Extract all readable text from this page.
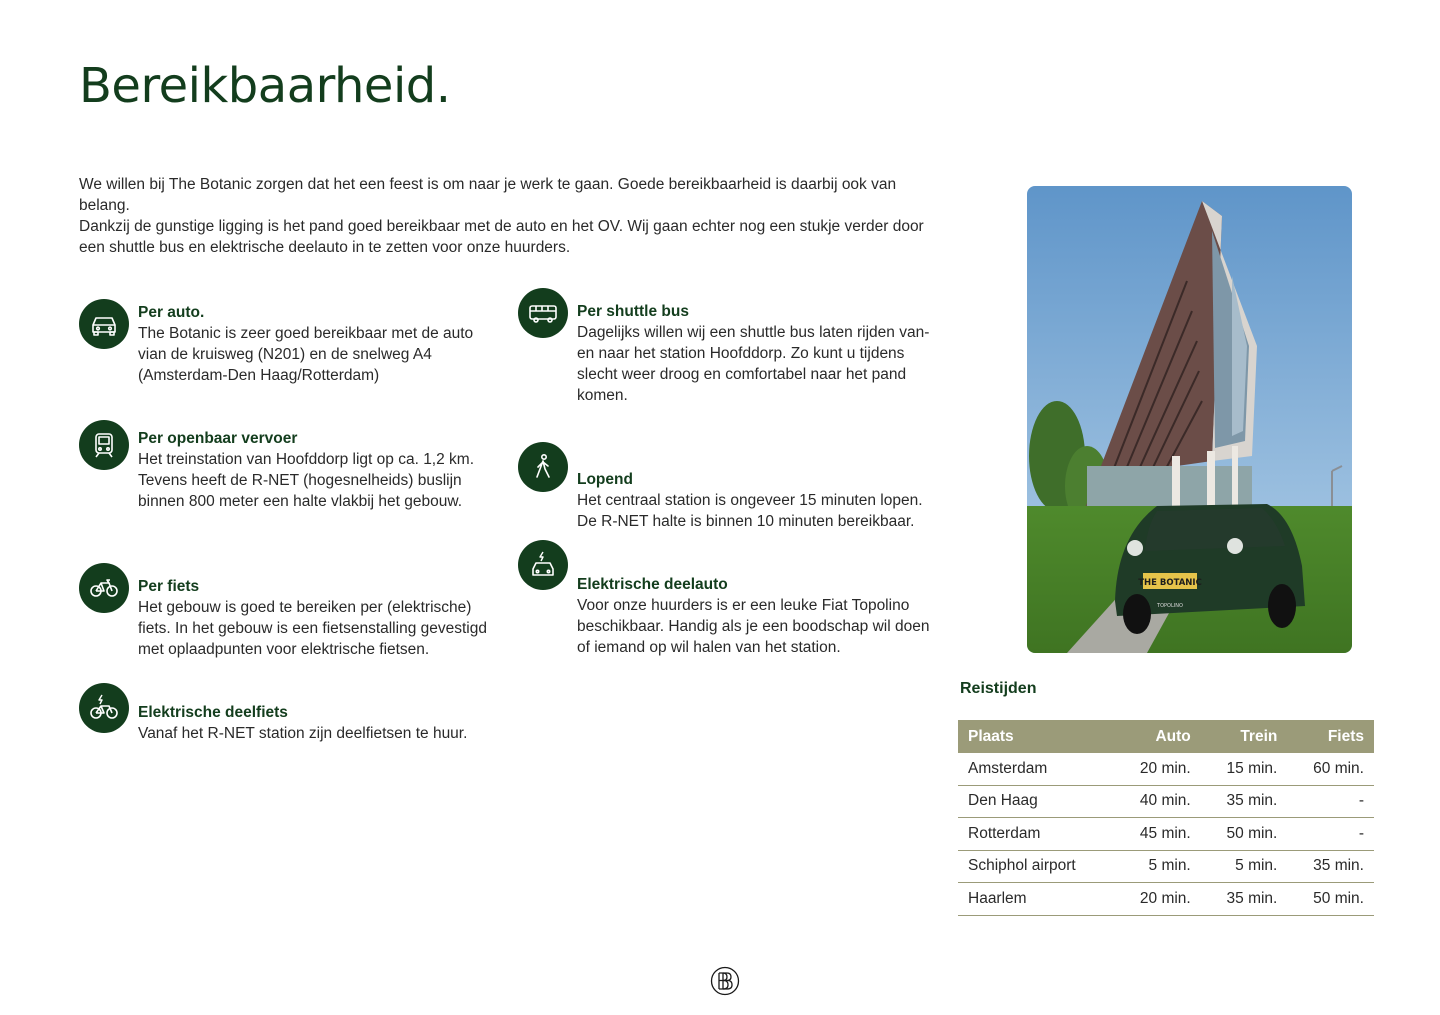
Bereikbaarheid.

We willen bij The Botanic zorgen dat het een feest is om naar je werk te gaan. Goede bereikbaarheid is daarbij ook van belang.

Dankzij de gunstige ligging is het pand goed bereikbaar met de auto en het OV. Wij gaan echter nog een stukje verder door een shuttle bus en elektrische deelauto in te zetten voor onze huurders.

Per auto.

The Botanic is zeer goed bereikbaar met de auto vian de kruisweg (N201) en de snelweg A4 (Amsterdam-Den Haag/Rotterdam)

Per openbaar vervoer

Het treinstation van Hoofddorp ligt op ca. 1,2 km. Tevens heeft de R-NET (hogesnelheids) buslijn binnen 800 meter een halte vlakbij het gebouw.

Per fiets

Het gebouw is goed te bereiken per (elektrische) fiets. In het gebouw is een fietsenstalling gevestigd met oplaadpunten voor elektrische fietsen.

Elektrische deelfiets

Vanaf het R-NET station zijn deelfietsen te huur.

Per shuttle bus

Dagelijks willen wij een shuttle bus laten rijden van- en naar het station Hoofddorp. Zo kunt u tijdens slecht weer droog en comfortabel naar het pand komen.

Lopend

Het centraal station is ongeveer 15 minuten lopen. De R-NET halte is binnen 10 minuten bereikbaar.

Elektrische deelauto

Voor onze huurders is er een leuke Fiat Topolino beschikbaar. Handig als je een boodschap wil doen of iemand op wil halen van het station.

THE BOTANIC
TOPOLINO
Reistijden
Plaats	Auto	Trein	Fiets
Amsterdam	20 min.	15 min.	60 min.
Den Haag	40 min.	35 min.	-
Rotterdam	45 min.	50 min.	-
Schiphol airport	5 min.	5 min.	35 min.
Haarlem	20 min.	35 min.	50 min.
